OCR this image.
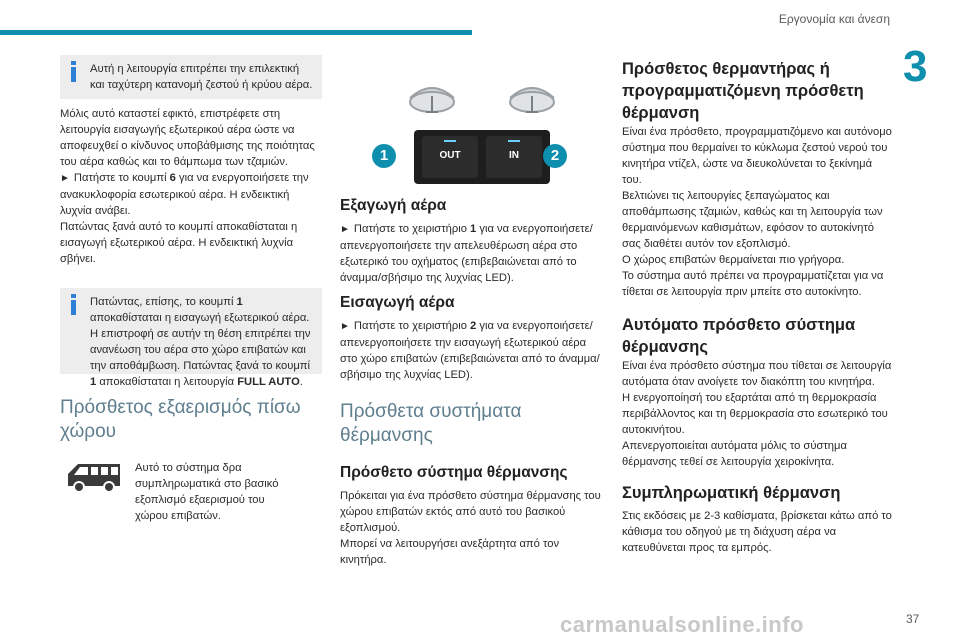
Εργονομία και άνεση
3

Αυτή η λειτουργία επιτρέπει την επιλεκτική και ταχύτερη κατανομή ζεστού ή κρύου αέρα.

Μόλις αυτό καταστεί εφικτό, επιστρέφετε στη λειτουργία εισαγωγής εξωτερικού αέρα ώστε να αποφευχθεί ο κίνδυνος υποβάθμισης της ποιότητας του αέρα καθώς και το θάμπωμα των τζαμιών.

► Πατήστε το κουμπί 6 για να ενεργοποιήσετε την ανακυκλοφορία εσωτερικού αέρα. Η ενδεικτική λυχνία ανάβει.

Πατώντας ξανά αυτό το κουμπί αποκαθίσταται η εισαγωγή εξωτερικού αέρα. Η ενδεικτική λυχνία σβήνει.

Πατώντας, επίσης, το κουμπί 1 αποκαθίσταται η εισαγωγή εξωτερικού αέρα. Η επιστροφή σε αυτήν τη θέση επιτρέπει την ανανέωση του αέρα στο χώρο επιβατών και την αποθάμβωση. Πατώντας ξανά το κουμπί 1 αποκαθίσταται η λειτουργία FULL AUTO.

Πρόσθετος εξαερισμός πίσω χώρου

Αυτό το σύστημα δρα συμπληρωματικά στο βασικό εξοπλισμό εξαερισμού του χώρου επιβατών.

OUT	IN
1	2
Εξαγωγή αέρα

► Πατήστε το χειριστήριο 1 για να ενεργοποιήσετε/απενεργοποιήσετε την απελευθέρωση αέρα στο εξωτερικό του οχήματος (επιβεβαιώνεται από το άναμμα/σβήσιμο της λυχνίας LED).

Εισαγωγή αέρα

► Πατήστε το χειριστήριο 2 για να ενεργοποιήσετε/απενεργοποιήσετε την εισαγωγή εξωτερικού αέρα στο χώρο επιβατών (επιβεβαιώνεται από το άναμμα/σβήσιμο της λυχνίας LED).

Πρόσθετα συστήματα θέρμανσης
Πρόσθετο σύστημα θέρμανσης

Πρόκειται για ένα πρόσθετο σύστημα θέρμανσης του χώρου επιβατών εκτός από αυτό του βασικού εξοπλισμού.

Μπορεί να λειτουργήσει ανεξάρτητα από τον κινητήρα.

Πρόσθετος θερμαντήρας ή προγραμματιζόμενη πρόσθετη θέρμανση

Είναι ένα πρόσθετο, προγραμματιζόμενο και αυτόνομο σύστημα που θερμαίνει το κύκλωμα ζεστού νερού του κινητήρα ντίζελ, ώστε να διευκολύνεται το ξεκίνημά του.

Βελτιώνει τις λειτουργίες ξεπαγώματος και αποθάμπωσης τζαμιών, καθώς και τη λειτουργία των θερμαινόμενων καθισμάτων, εφόσον το αυτοκίνητό σας διαθέτει αυτόν τον εξοπλισμό.

Ο χώρος επιβατών θερμαίνεται πιο γρήγορα.

Το σύστημα αυτό πρέπει να προγραμματίζεται για να τίθεται σε λειτουργία πριν μπείτε στο αυτοκίνητο.

Αυτόματο πρόσθετο σύστημα θέρμανσης

Είναι ένα πρόσθετο σύστημα που τίθεται σε λειτουργία αυτόματα όταν ανοίγετε τον διακόπτη του κινητήρα.

Η ενεργοποίησή του εξαρτάται από τη θερμοκρασία περιβάλλοντος και τη θερμοκρασία στο εσωτερικό του αυτοκινήτου.

Απενεργοποιείται αυτόματα μόλις το σύστημα θέρμανσης τεθεί σε λειτουργία χειροκίνητα.

Συμπληρωματική θέρμανση

Στις εκδόσεις με 2-3 καθίσματα, βρίσκεται κάτω από το κάθισμα του οδηγού με τη διάχυση αέρα να κατευθύνεται προς τα εμπρός.

carmanualsonline.info	37
